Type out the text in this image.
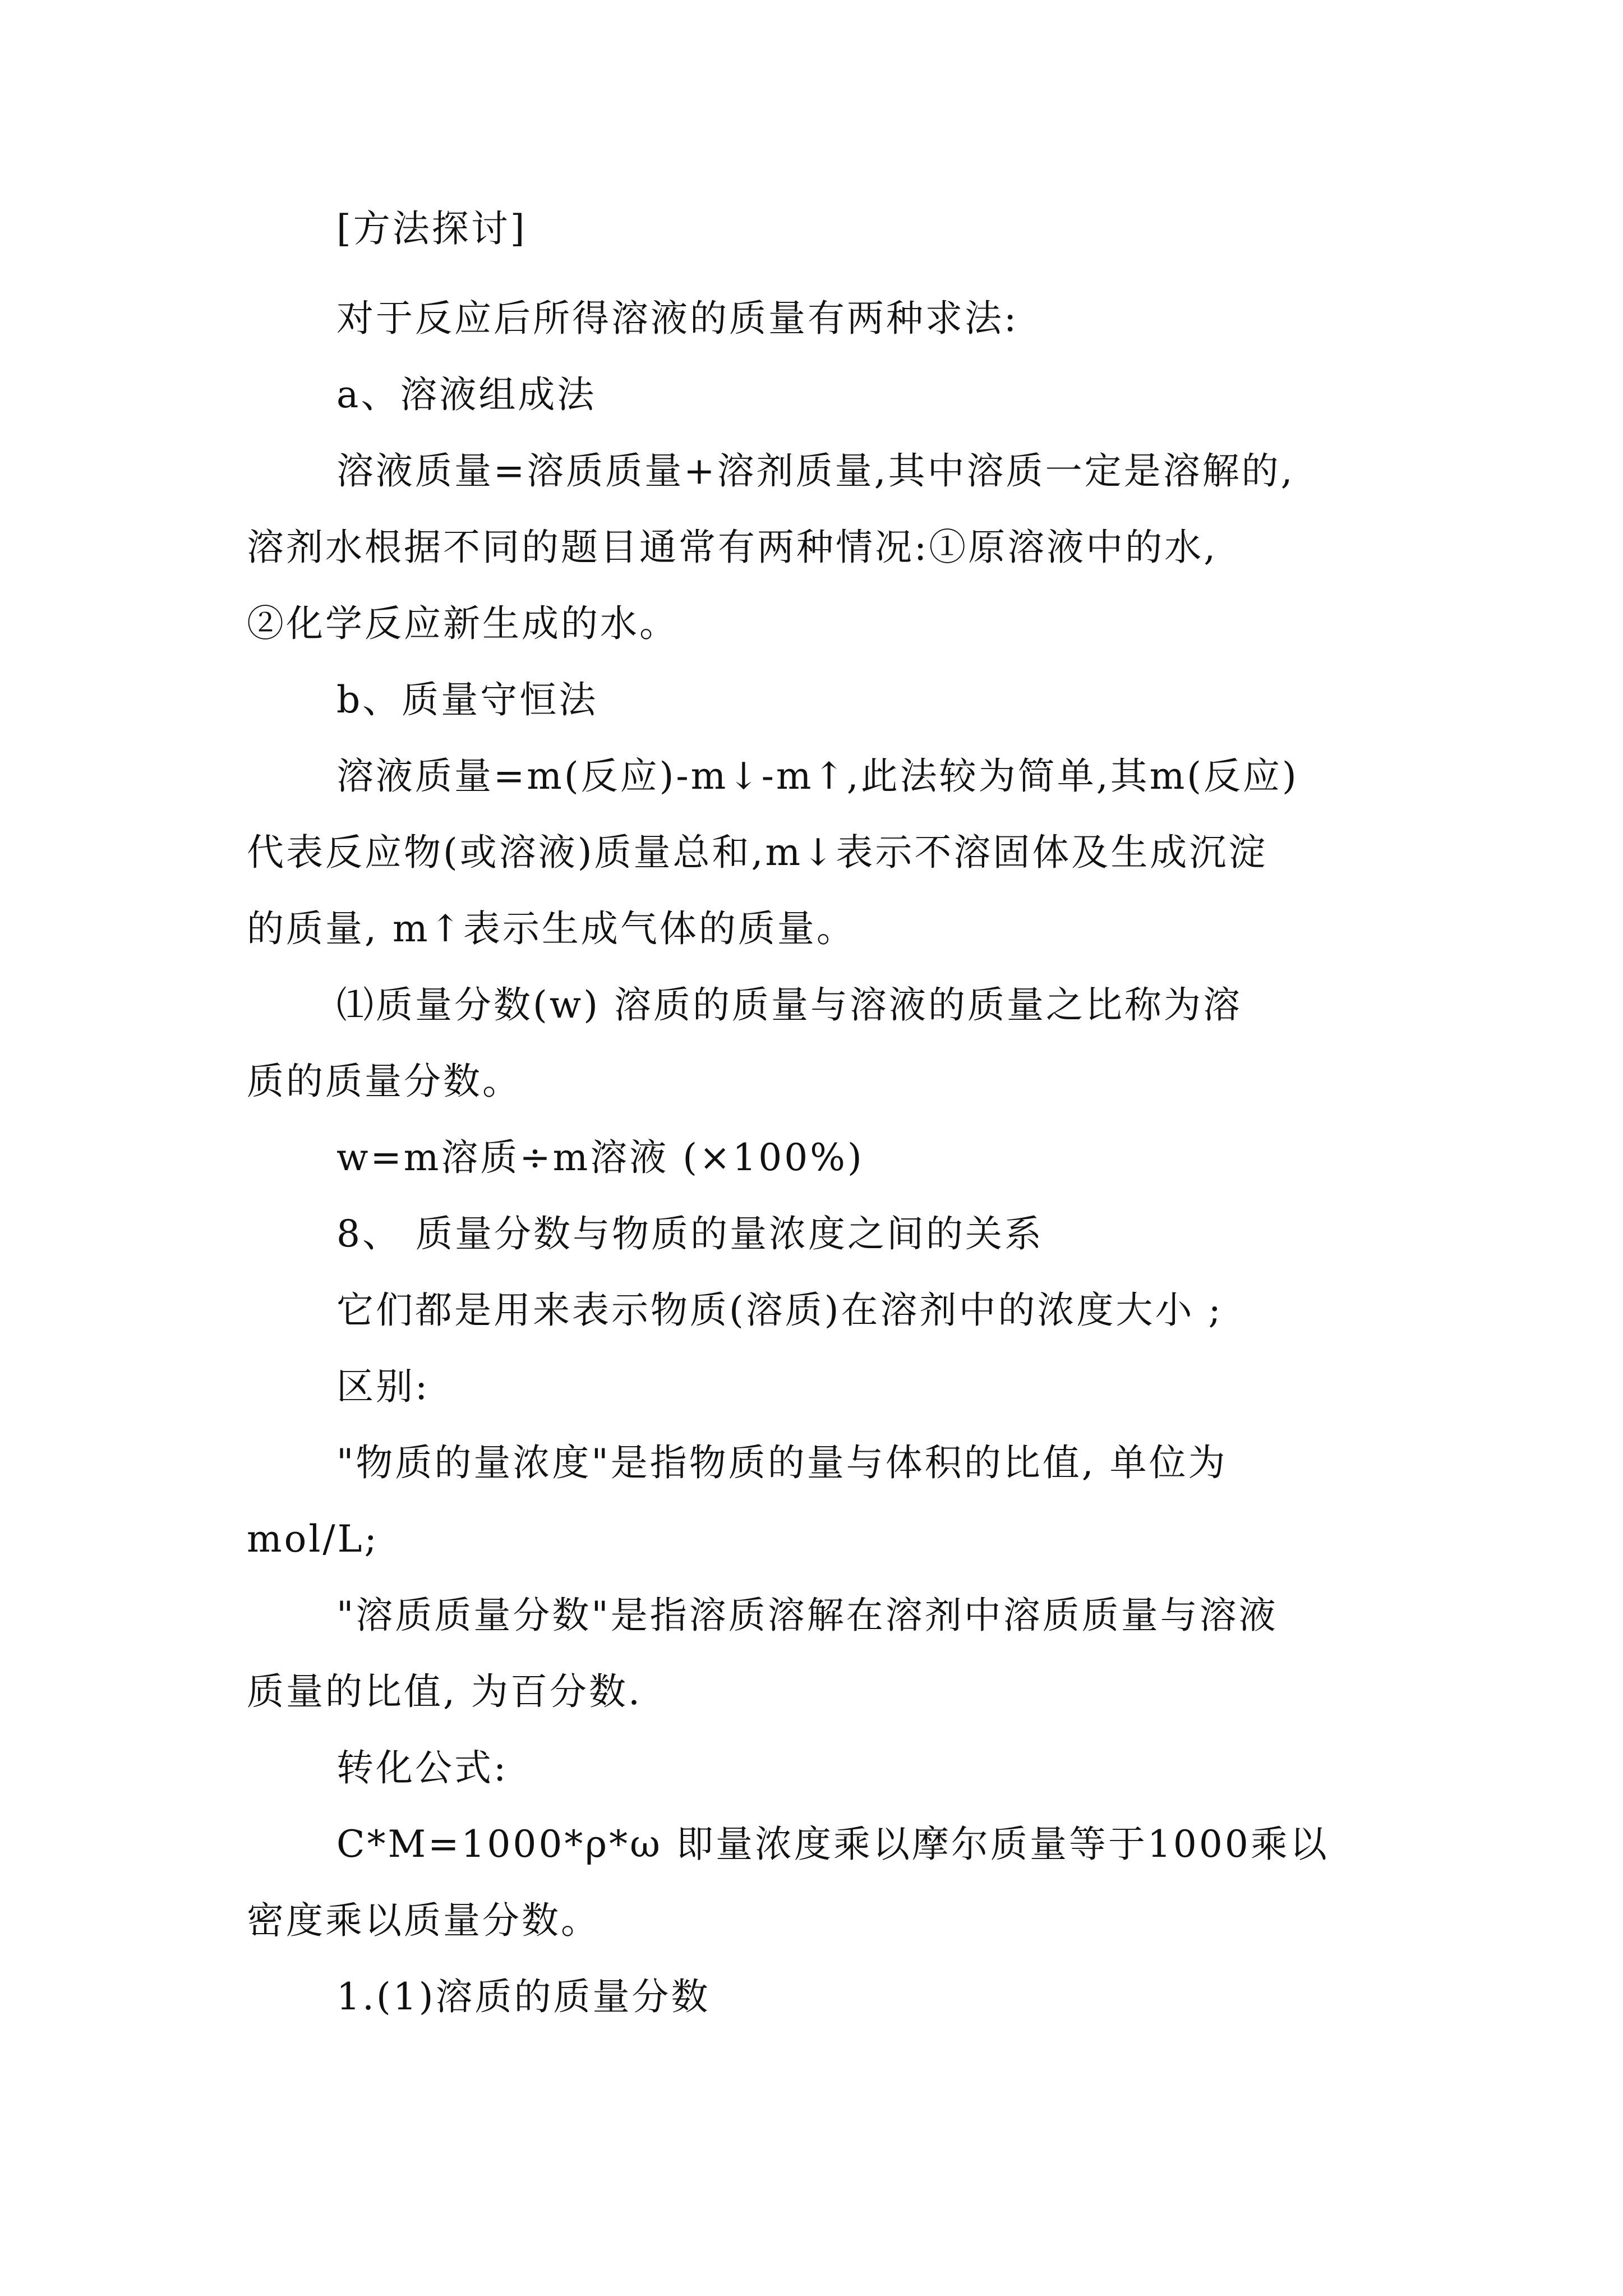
[方法探讨]
对于反应后所得溶液的质量有两种求法:
a、溶液组成法
溶液质量=溶质质量+溶剂质量,其中溶质一定是溶解的,
溶剂水根据不同的题目通常有两种情况:①原溶液中的水,
②化学反应新生成的水。
b、质量守恒法
溶液质量=m(反应)-m↓-m↑,此法较为简单,其m(反应)
代表反应物(或溶液)质量总和,m↓表示不溶固体及生成沉淀
的质量, m↑表示生成气体的质量。
⑴质量分数(w) 溶质的质量与溶液的质量之比称为溶
质的质量分数。
w=m溶质÷m溶液 (×100%)
8、 质量分数与物质的量浓度之间的关系
它们都是用来表示物质(溶质)在溶剂中的浓度大小 ;
区别:
"物质的量浓度"是指物质的量与体积的比值, 单位为
mol/L;
"溶质质量分数"是指溶质溶解在溶剂中溶质质量与溶液
质量的比值, 为百分数.
转化公式:
C*M=1000*ρ*ω 即量浓度乘以摩尔质量等于1000乘以
密度乘以质量分数。
1.(1)溶质的质量分数
